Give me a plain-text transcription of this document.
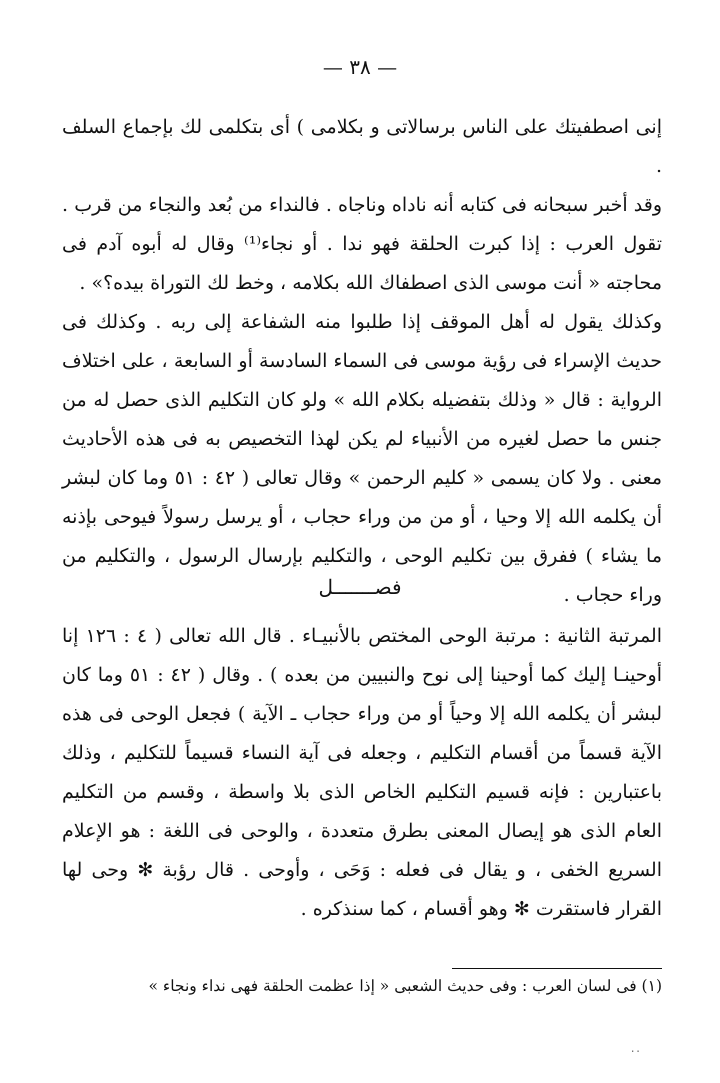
— ٣٨ —

إنى اصطفيتك على الناس برسالاتى و بكلامى ) أى بتكلمى لك بإجماع السلف .

وقد أخبر سبحانه فى كتابه أنه ناداه وناجاه . فالنداء من بُعد والنجاء من قرب . تقول العرب : إذا كبرت الحلقة فهو ندا . أو نجاء⁽¹⁾ وقال له أبوه آدم فى محاجته « أنت موسى الذى اصطفاك الله بكلامه ، وخط لك التوراة بيده؟» .

وكذلك يقول له أهل الموقف إذا طلبوا منه الشفاعة إلى ربه . وكذلك فى حديث الإسراء فى رؤية موسى فى السماء السادسة أو السابعة ، على اختلاف الرواية : قال « وذلك بتفضيله بكلام الله » ولو كان التكليم الذى حصل له من جنس ما حصل لغيره من الأنبياء لم يكن لهذا التخصيص به فى هذه الأحاديث معنى . ولا كان يسمى « كليم الرحمن » وقال تعالى ( ٤٢ : ٥١ وما كان لبشر أن يكلمه الله إلا وحيا ، أو من من وراء حجاب ، أو يرسل رسولاً فيوحى بإذنه ما يشاء ) ففرق بين تكليم الوحى ، والتكليم بإرسال الرسول ، والتكليم من وراء حجاب .

فصـــــــل

المرتبة الثانية : مرتبة الوحى المختص بالأنبيـاء . قال الله تعالى ( ٤ : ١٢٦ إنا أوحينـا إليك كما أوحينا إلى نوح والنبيين من بعده ) . وقال ( ٤٢ : ٥١ وما كان لبشر أن يكلمه الله إلا وحياً أو من وراء حجاب ـ الآية ) فجعل الوحى فى هذه الآية قسماً من أقسام التكليم ، وجعله فى آية النساء قسيماً للتكليم ، وذلك باعتبارين : فإنه قسيم التكليم الخاص الذى بلا واسطة ، وقسم من التكليم العام الذى هو إيصال المعنى بطرق متعددة ، والوحى فى اللغة : هو الإعلام السريع الخفى ، و يقال فى فعله : وَحَى ، وأوحى . قال رؤبة ✻ وحى لها القرار فاستقرت ✻ وهو أقسام ، كما سنذكره .

(١) فى لسان العرب : وفى حديث الشعبى « إذا عظمت الحلقة فهى نداء ونجاء »
٠٠
